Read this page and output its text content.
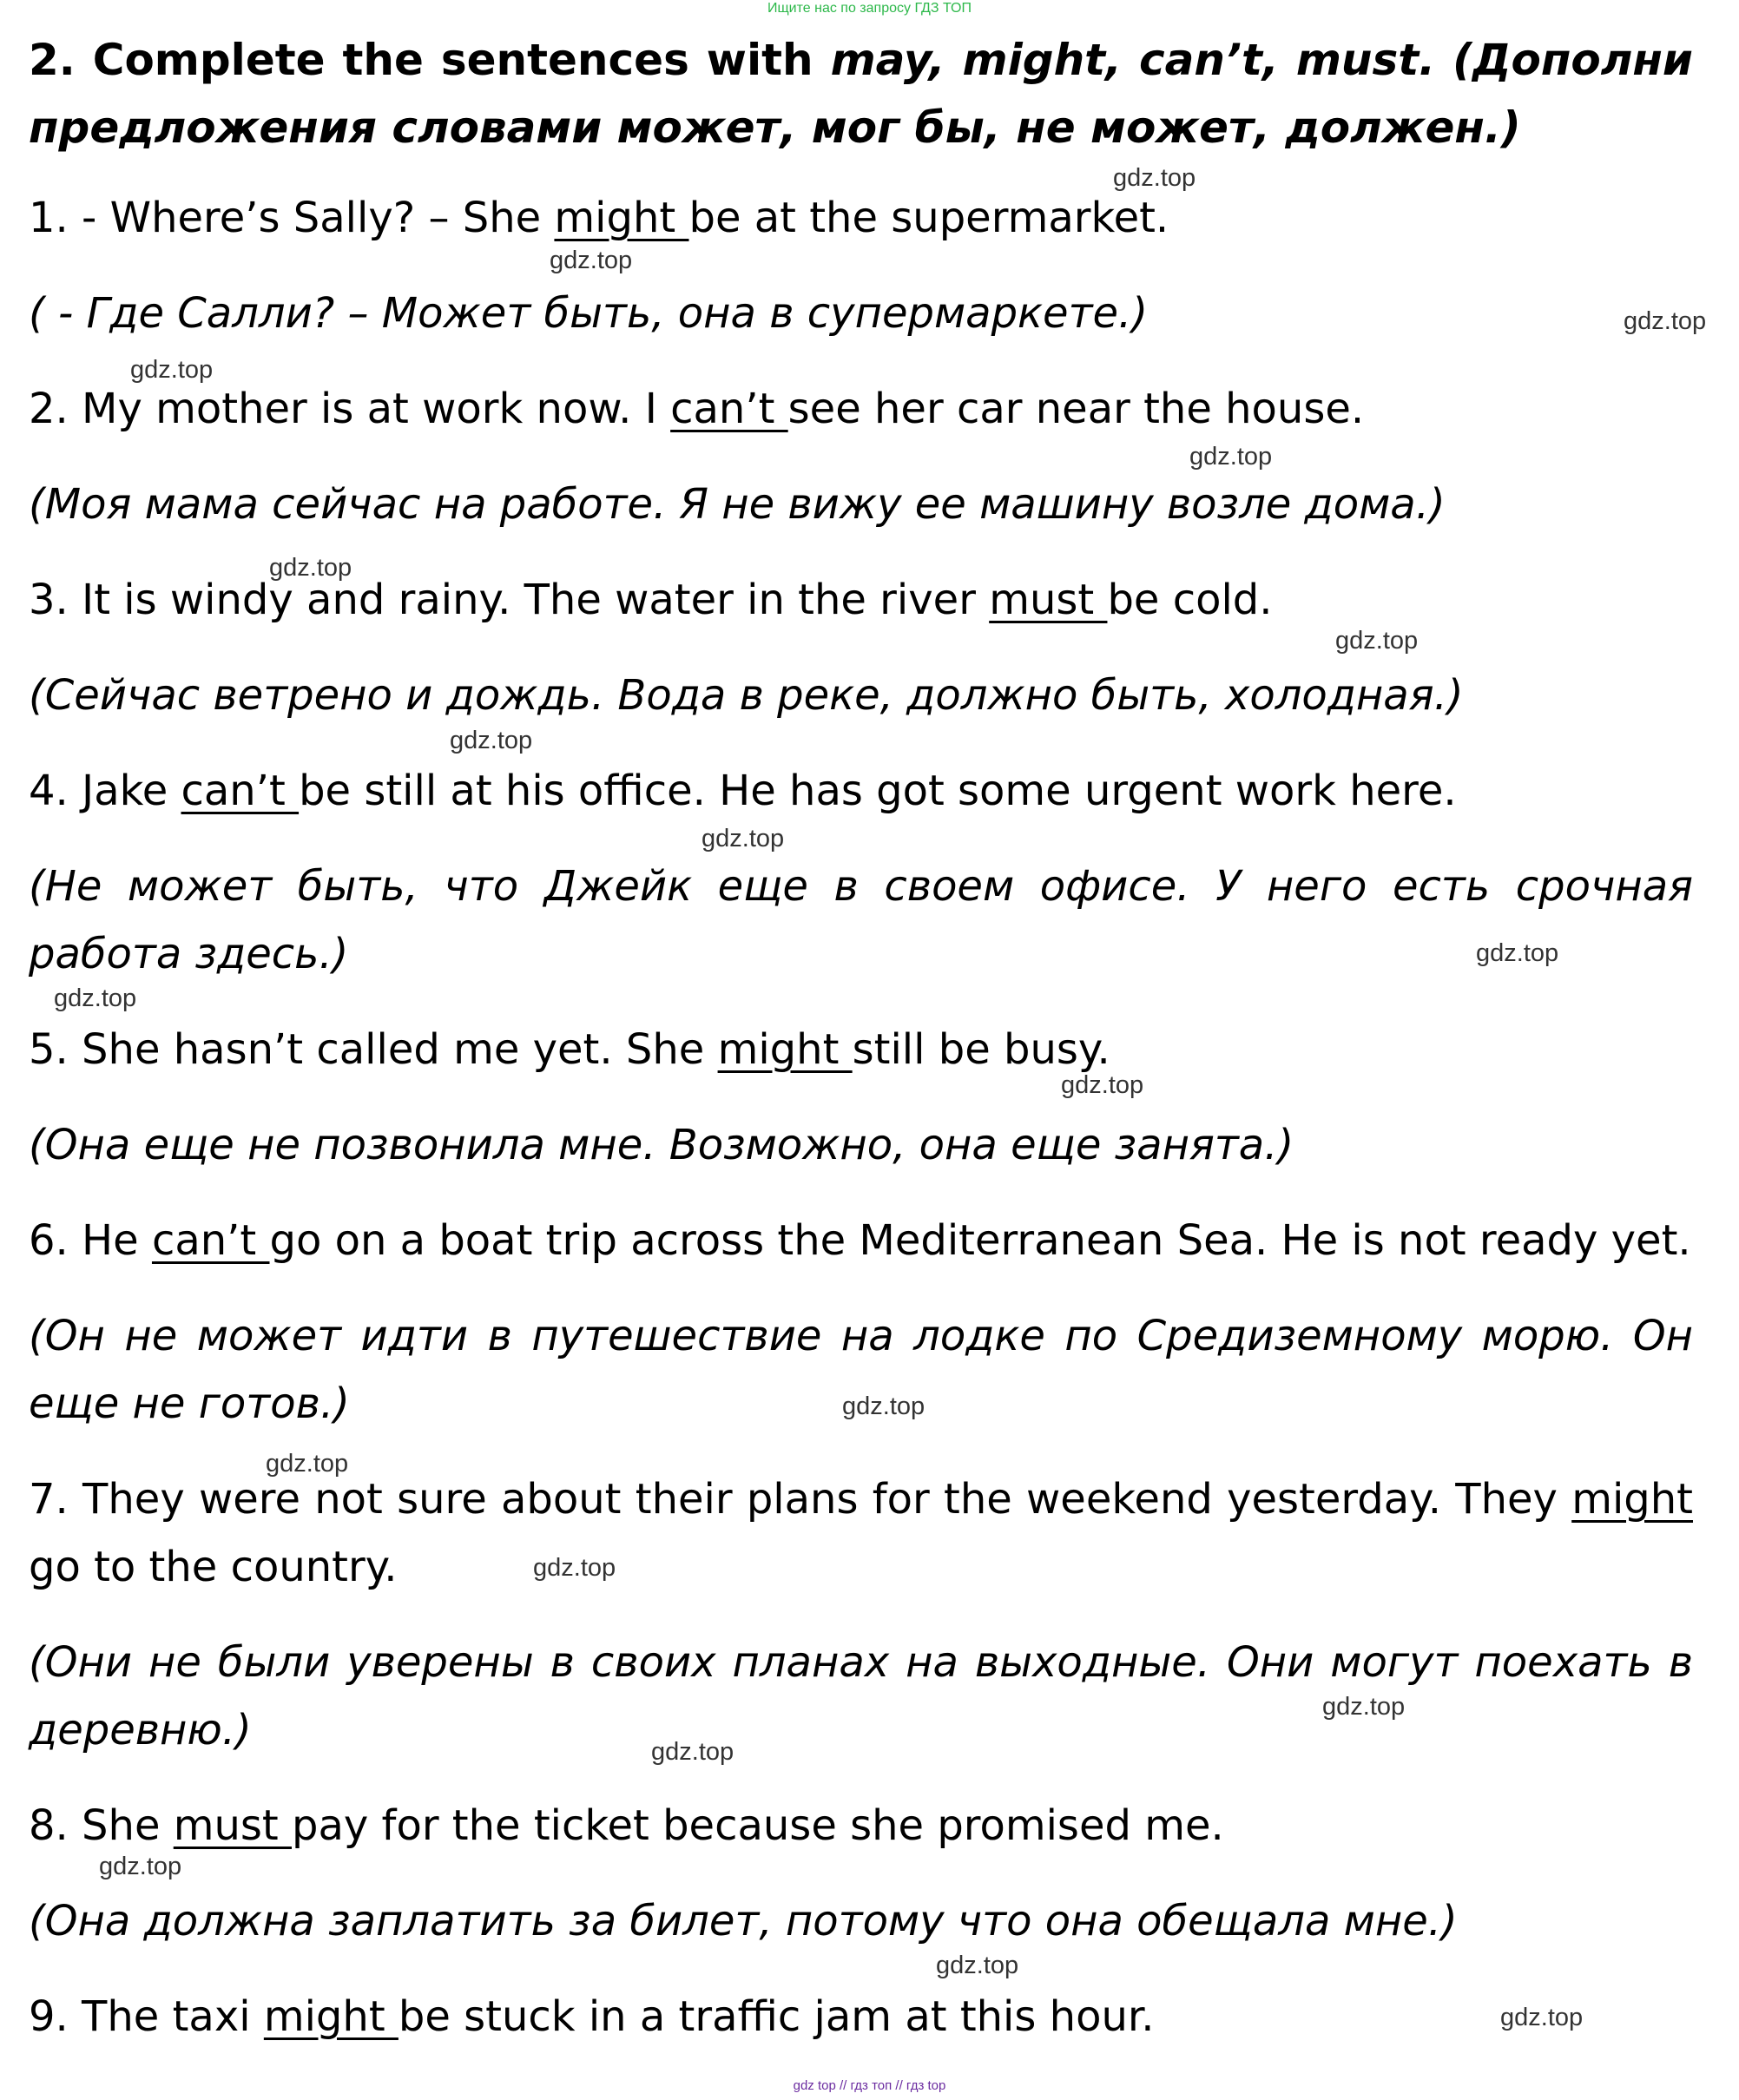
Ищите нас по запросу ГДЗ ТОП
2. Complete the sentences with may, might, can’t, must. (Дополни предложения словами может, мог бы, не может, должен.)
1. - Where’s Sally? – She might be at the supermarket.
( - Где Салли? – Может быть, она в супермаркете.)
2. My mother is at work now. I can’t see her car near the house.
(Моя мама сейчас на работе. Я не вижу ее машину возле дома.)
3. It is windy and rainy. The water in the river must be cold.
(Сейчас ветрено и дождь. Вода в реке, должно быть, холодная.)
4. Jake can’t be still at his office. He has got some urgent work here.
(Не может быть, что Джейк еще в своем офисе. У него есть срочная работа здесь.)
5. She hasn’t called me yet. She might still be busy.
(Она еще не позвонила мне. Возможно, она еще занята.)
6. He can’t go on a boat trip across the Mediterranean Sea. He is not ready yet.
(Он не может идти в путешествие на лодке по Средиземному морю. Он еще не готов.)
7. They were not sure about their plans for the weekend yesterday. They might go to the country.
(Они не были уверены в своих планах на выходные. Они могут поехать в деревню.)
8. She must pay for the ticket because she promised me.
(Она должна заплатить за билет, потому что она обещала мне.)
9. The taxi might be stuck in a traffic jam at this hour.
gdz.top
gdz.top
gdz.top
gdz.top
gdz.top
gdz.top
gdz.top
gdz.top
gdz.top
gdz.top
gdz.top
gdz.top
gdz.top
gdz.top
gdz.top
gdz.top
gdz.top
gdz.top
gdz.top
gdz.top
gdz top // гдз топ // гдз top
